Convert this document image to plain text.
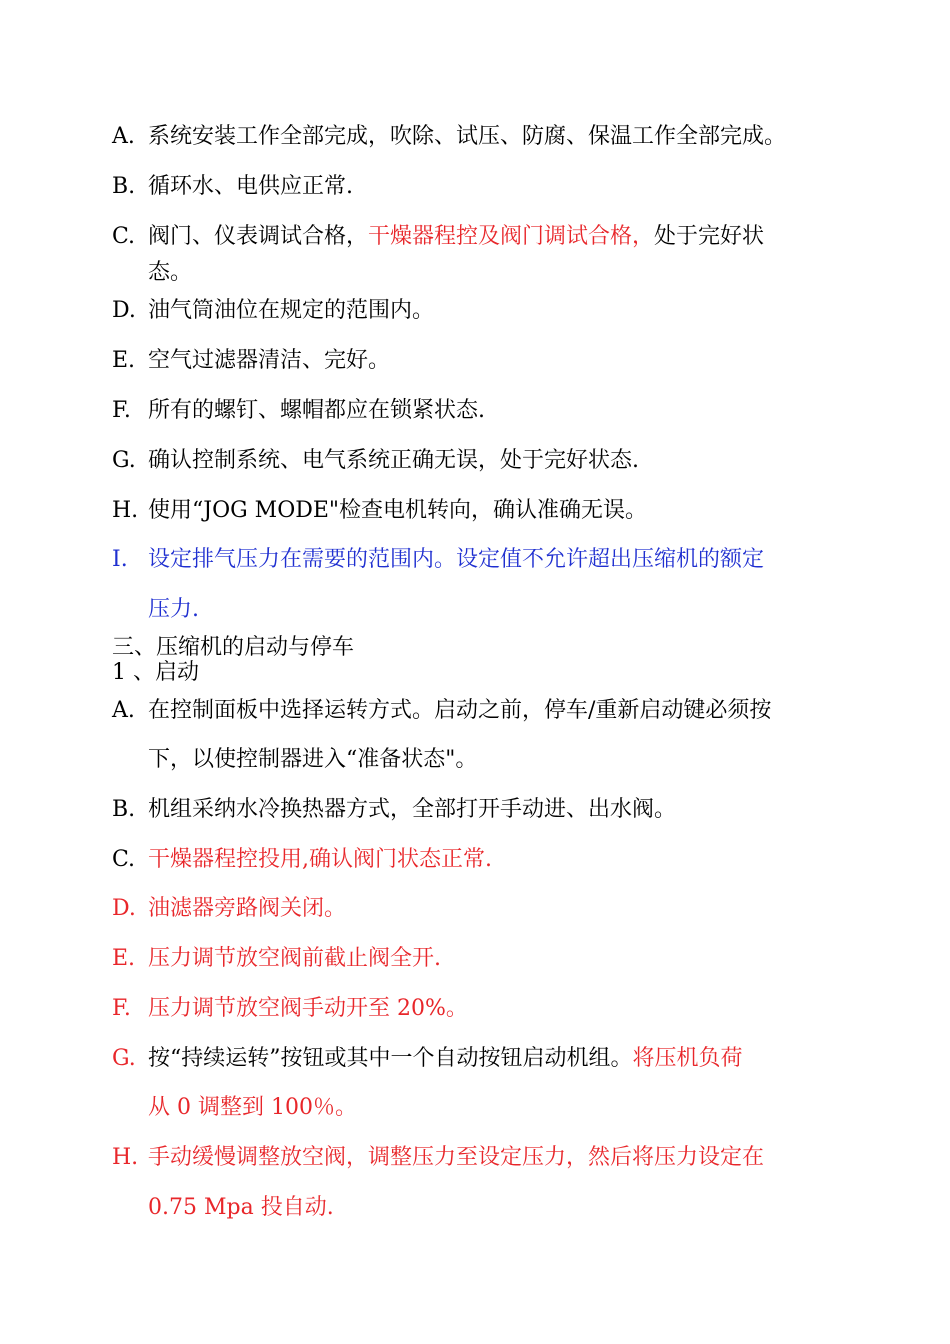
A. 系统安装工作全部完成，吹除、试压、防腐、保温工作全部完成。
B. 循环水、电供应正常.
C. 阀门、仪表调试合格，干燥器程控及阀门调试合格，处于完好状
态。
D. 油气筒油位在规定的范围内。
E. 空气过滤器清洁、完好。
F. 所有的螺钉、螺帽都应在锁紧状态.
G. 确认控制系统、电气系统正确无误，处于完好状态.
H. 使用“JOG MODE"检查电机转向，确认准确无误。
I. 设定排气压力在需要的范围内。设定值不允许超出压缩机的额定
压力.
三、压缩机的启动与停车
1 、启动
A. 在控制面板中选择运转方式。启动之前，停车/重新启动键必须按
下，以使控制器进入“准备状态"。
B. 机组采纳水冷换热器方式，全部打开手动进、出水阀。
C. 干燥器程控投用,确认阀门状态正常.
D. 油滤器旁路阀关闭。
E. 压力调节放空阀前截止阀全开.
F. 压力调节放空阀手动开至 20%。
G. 按“持续运转”按钮或其中一个自动按钮启动机组。将压机负荷
从 0 调整到 100％。
H. 手动缓慢调整放空阀，调整压力至设定压力，然后将压力设定在
0.75 Mpa 投自动.
